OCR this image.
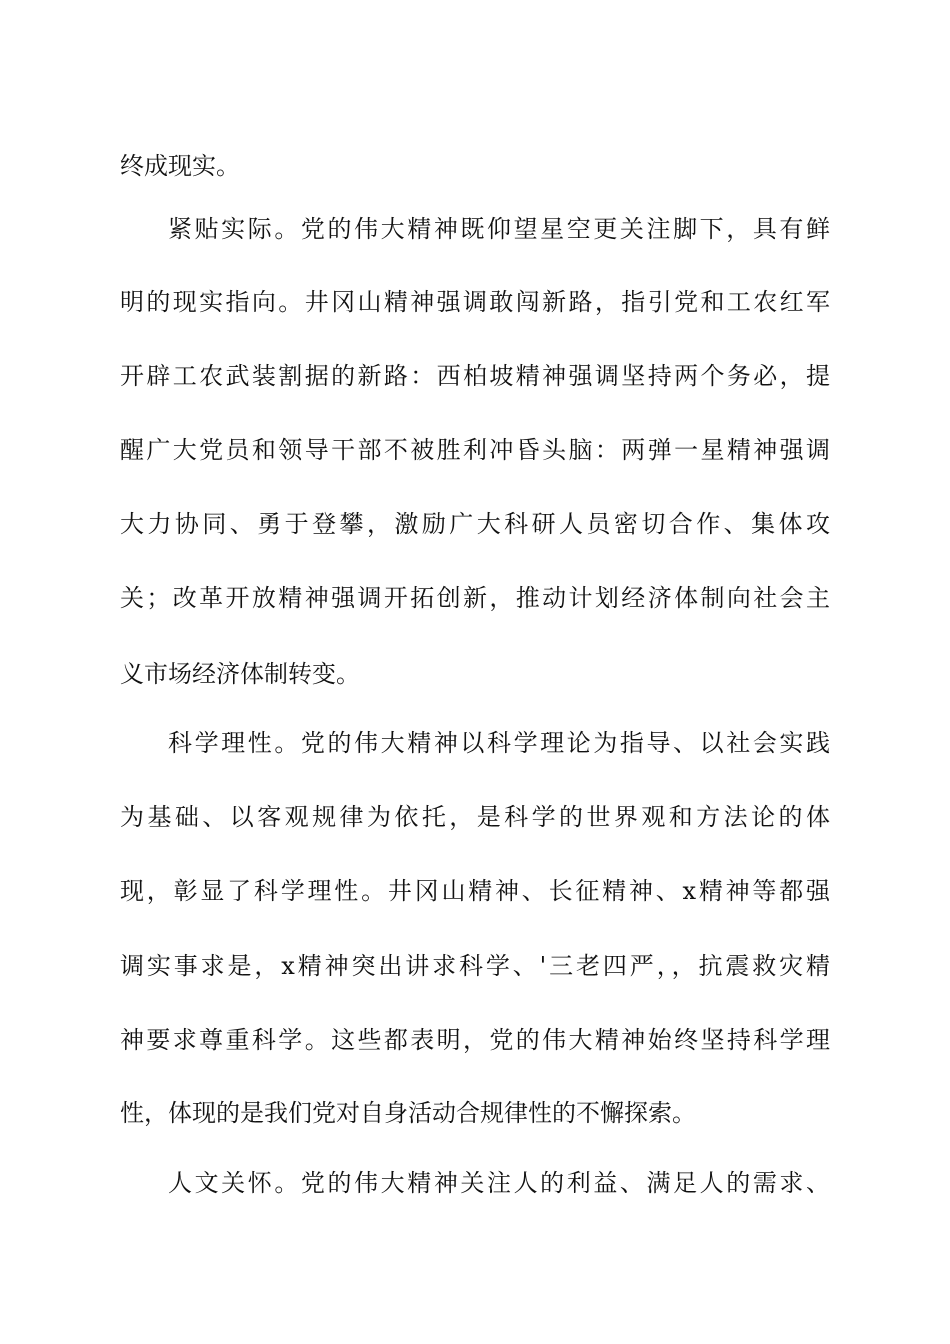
终成现实。
紧贴实际。党的伟大精神既仰望星空更关注脚下，具有鲜
明的现实指向。井冈山精神强调敢闯新路，指引党和工农红军
开辟工农武装割据的新路：西柏坡精神强调坚持两个务必，提
醒广大党员和领导干部不被胜利冲昏头脑：两弹一星精神强调
大力协同、勇于登攀，激励广大科研人员密切合作、集体攻
关；改革开放精神强调开拓创新，推动计划经济体制向社会主
义市场经济体制转变。
科学理性。党的伟大精神以科学理论为指导、以社会实践
为基础、以客观规律为依托，是科学的世界观和方法论的体
现，彰显了科学理性。井冈山精神、长征精神、x精神等都强
调实事求是，x精神突出讲求科学、'三老四严，，抗震救灾精
神要求尊重科学。这些都表明，党的伟大精神始终坚持科学理
性，体现的是我们党对自身活动合规律性的不懈探索。
人文关怀。党的伟大精神关注人的利益、满足人的需求、
